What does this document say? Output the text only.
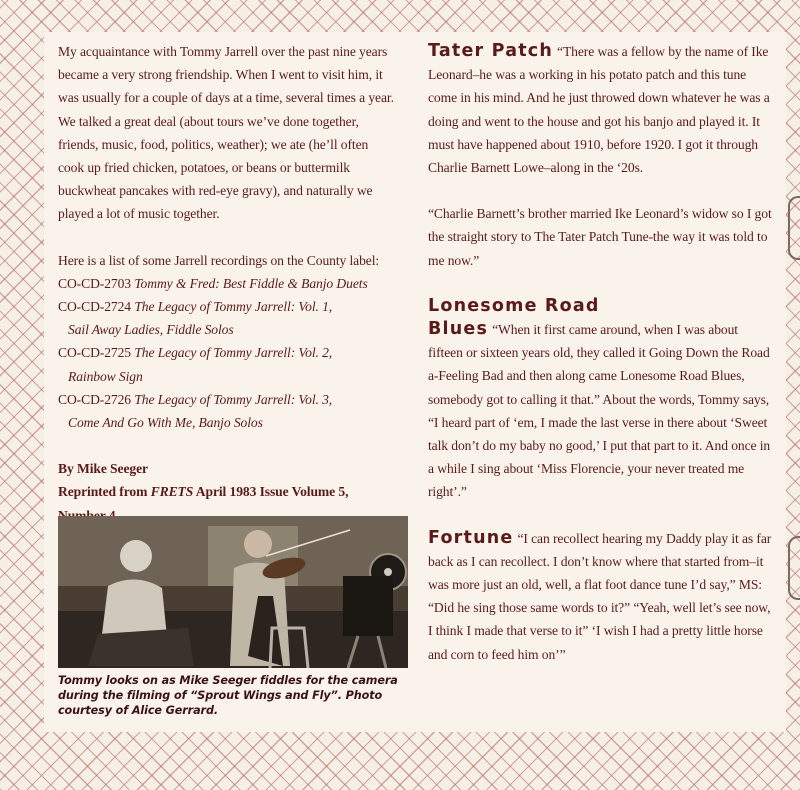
My acquaintance with Tommy Jarrell over the past nine years became a very strong friendship. When I went to visit him, it was usually for a couple of days at a time, several times a year. We talked a great deal (about tours we’ve done together, friends, music, food, politics, weather); we ate (he’ll often cook up fried chicken, potatoes, or beans or buttermilk buckwheat pancakes with red-eye gravy), and naturally we played a lot of music together.

Here is a list of some Jarrell recordings on the County label:

CO-CD-2703 Tommy & Fred: Best Fiddle & Banjo Duets

CO-CD-2724 The Legacy of Tommy Jarrell: Vol. 1,

Sail Away Ladies, Fiddle Solos

CO-CD-2725 The Legacy of Tommy Jarrell: Vol. 2,

Rainbow Sign

CO-CD-2726 The Legacy of Tommy Jarrell: Vol. 3,

Come And Go With Me, Banjo Solos

By Mike Seeger

Reprinted from FRETS April 1983 Issue Volume 5,

Tommy looks on as Mike Seeger fiddles for the camera during the filming of “Sprout Wings and Fly”. Photo courtesy of Alice Gerrard.

Tater Patch “There was a fellow by the name of Ike Leonard–he was a working in his potato patch and this tune come in his mind. And he just throwed down whatever he was a doing and went to the house and got his banjo and played it. It must have happened about 1910, before 1920. I got it through Charlie Barnett Lowe–along in the ‘20s.

“Charlie Barnett’s brother married Ike Leonard’s widow so I got the straight story to The Tater Patch Tune-the way it was told to me now.”

Lonesome Road

Blues “When it first came around, when I was about fifteen or sixteen years old, they called it Going Down the Road a-Feeling Bad and then along came Lonesome Road Blues, somebody got to calling it that.” About the words, Tommy says, “I heard part of ‘em, I made the last verse in there about ‘Sweet talk don’t do my baby no good,’ I put that part to it. And once in a while I sing about ‘Miss Florencie, your never treated me right’.”

Fortune “I can recollect hearing my Daddy play it as far back as I can recollect. I don’t know where that started from–it was more just an old, well, a flat foot dance tune I’d say,” MS: “Did he sing those same words to it?” “Yeah, well let’s see now, I think I made that verse to it” ‘I wish I had a pretty little horse and corn to feed him on’”
